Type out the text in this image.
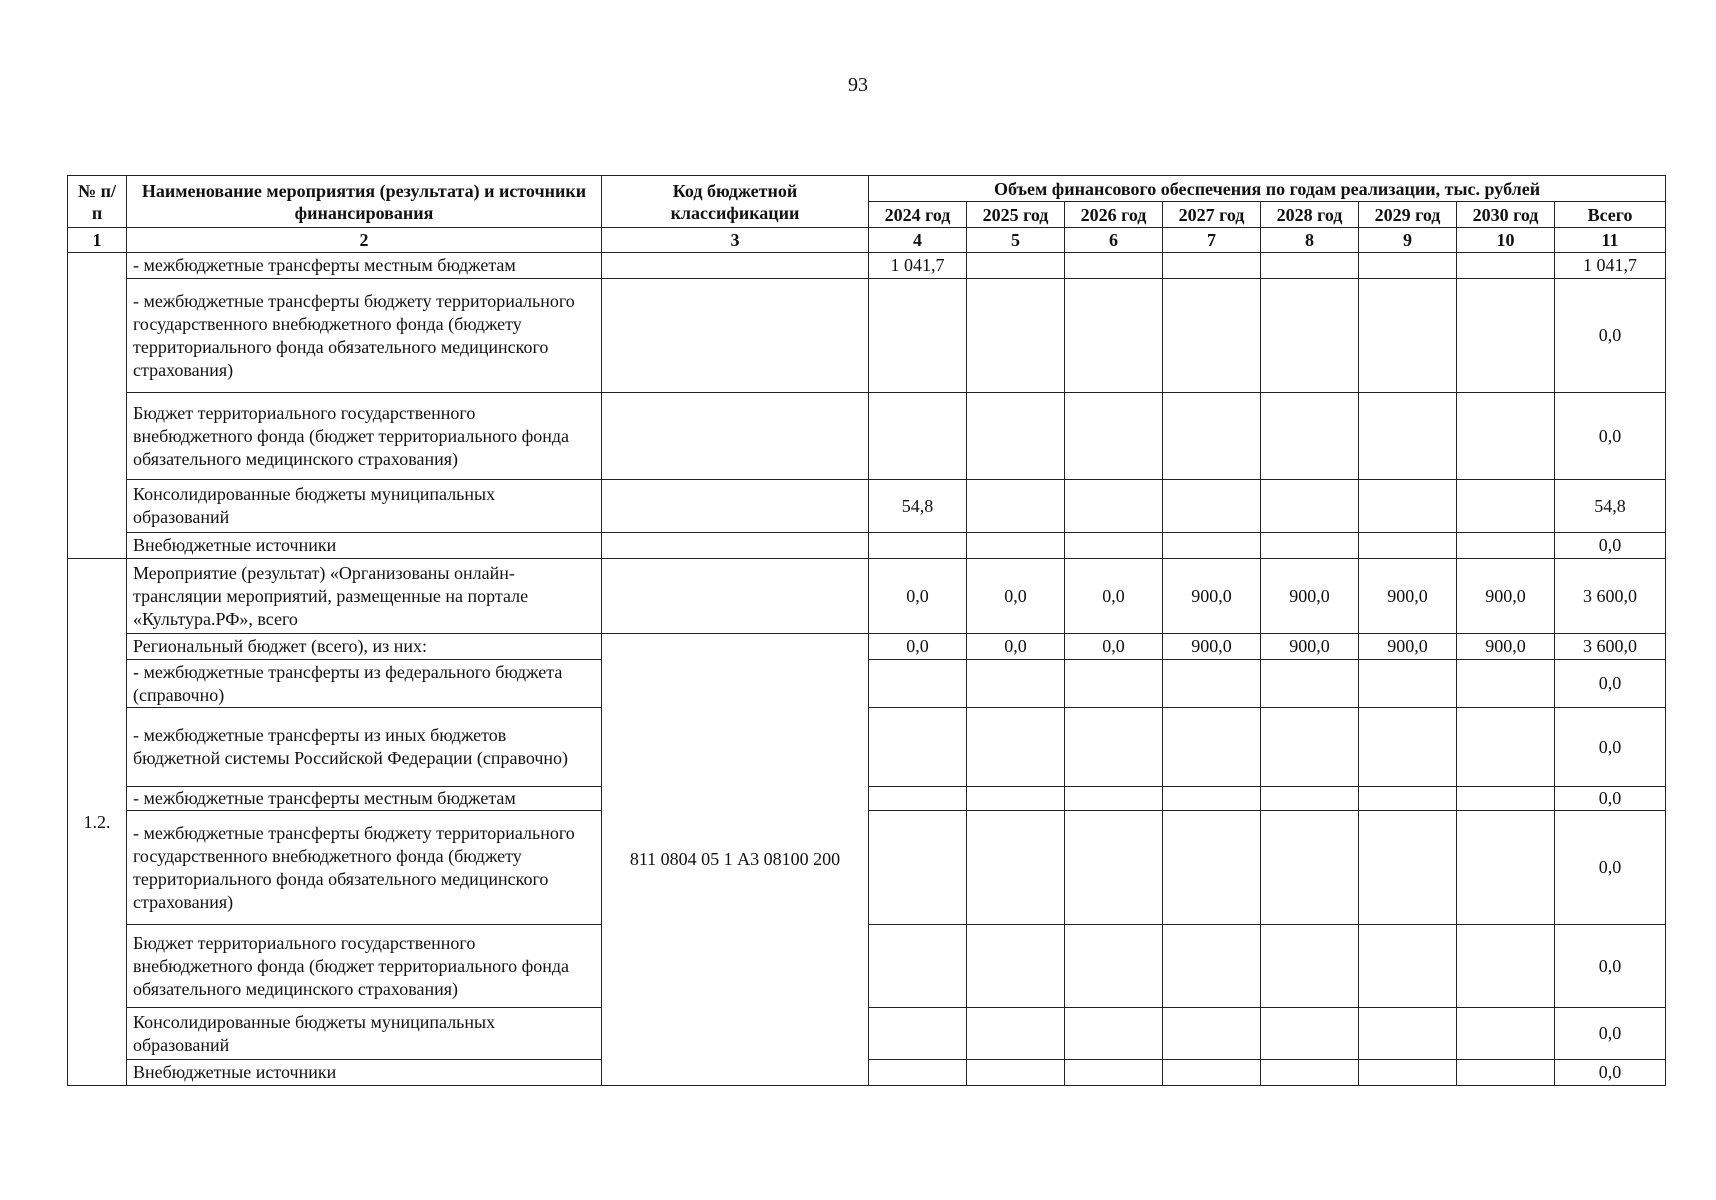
93
№ п/п	Наименование мероприятия (результата) и источники финансирования	Код бюджетной классификации	Объем финансового обеспечения по годам реализации, тыс. рублей							
			2024 год	2025 год	2026 год	2027 год	2028 год	2029 год	2030 год	Всего
1	2	3	4	5	6	7	8	9	10	11
	- межбюджетные трансферты местным бюджетам		1 041,7							1 041,7
	- межбюджетные трансферты бюджету территориального государственного внебюджетного фонда (бюджету территориального фонда обязательного медицинского страхования)									0,0
	Бюджет территориального государственного внебюджетного фонда (бюджет территориального фонда обязательного медицинского страхования)									0,0
	Консолидированные бюджеты муниципальных образований		54,8							54,8
	Внебюджетные источники									0,0
1.2.	Мероприятие (результат) «Организованы онлайн-трансляции мероприятий, размещенные на портале «Культура.РФ», всего		0,0	0,0	0,0	900,0	900,0	900,0	900,0	3 600,0
	Региональный бюджет (всего), из них:	811 0804 05 1 А3 08100 200	0,0	0,0	0,0	900,0	900,0	900,0	900,0	3 600,0
	- межбюджетные трансферты из федерального бюджета (справочно)									0,0
	- межбюджетные трансферты из иных бюджетов бюджетной системы Российской Федерации (справочно)									0,0
	- межбюджетные трансферты местным бюджетам									0,0
	- межбюджетные трансферты бюджету территориального государственного внебюджетного фонда (бюджету территориального фонда обязательного медицинского страхования)									0,0
	Бюджет территориального государственного внебюджетного фонда (бюджет территориального фонда обязательного медицинского страхования)									0,0
	Консолидированные бюджеты муниципальных образований									0,0
	Внебюджетные источники									0,0
